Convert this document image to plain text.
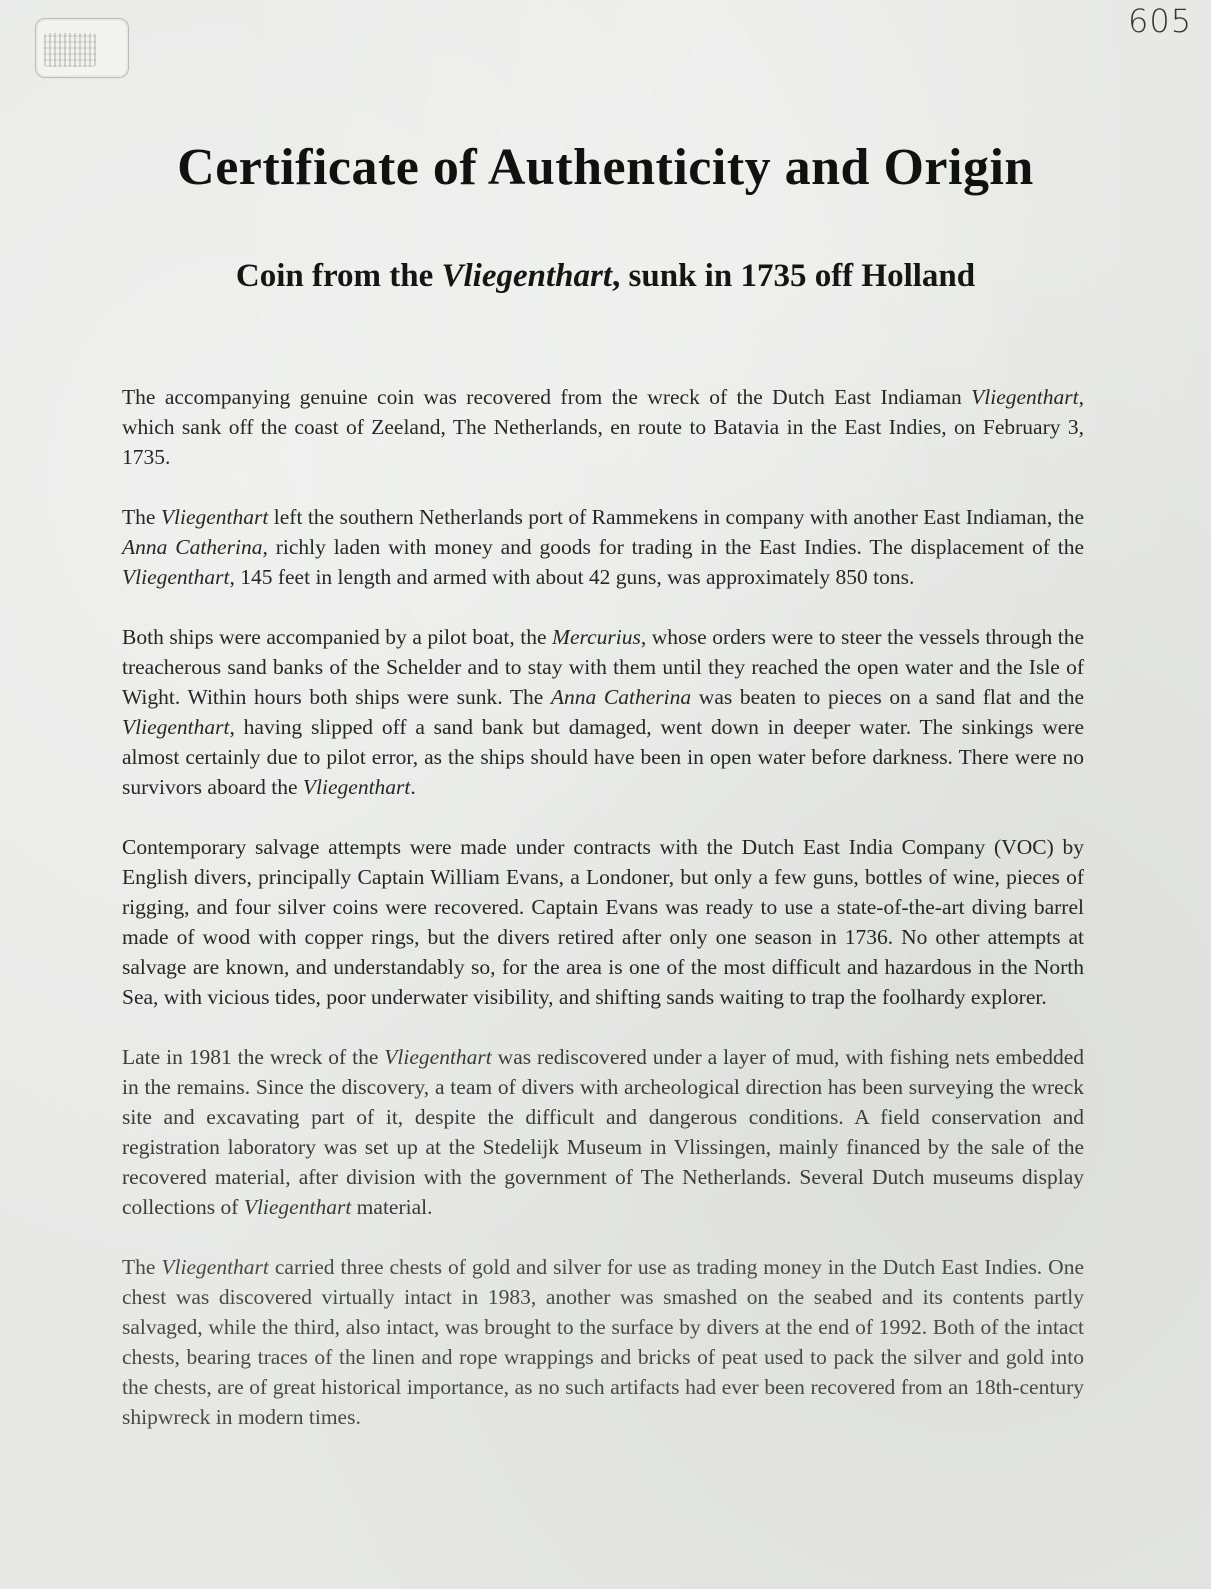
605
Certificate of Authenticity and Origin
Coin from the Vliegenthart, sunk in 1735 off Holland

The accompanying genuine coin was recovered from the wreck of the Dutch East Indiaman Vliegenthart, which sank off the coast of Zeeland, The Netherlands, en route to Batavia in the East Indies, on February 3, 1735.

The Vliegenthart left the southern Netherlands port of Rammekens in company with another East Indiaman, the Anna Catherina, richly laden with money and goods for trading in the East Indies. The displacement of the Vliegenthart, 145 feet in length and armed with about 42 guns, was approximately 850 tons.

Both ships were accompanied by a pilot boat, the Mercurius, whose orders were to steer the vessels through the treacherous sand banks of the Schelder and to stay with them until they reached the open water and the Isle of Wight. Within hours both ships were sunk. The Anna Catherina was beaten to pieces on a sand flat and the Vliegenthart, having slipped off a sand bank but damaged, went down in deeper water. The sinkings were almost certainly due to pilot error, as the ships should have been in open water before darkness. There were no survivors aboard the Vliegenthart.

Contemporary salvage attempts were made under contracts with the Dutch East India Company (VOC) by English divers, principally Captain William Evans, a Londoner, but only a few guns, bottles of wine, pieces of rigging, and four silver coins were recovered. Captain Evans was ready to use a state-of-the-art diving barrel made of wood with copper rings, but the divers retired after only one season in 1736. No other attempts at salvage are known, and understandably so, for the area is one of the most difficult and hazardous in the North Sea, with vicious tides, poor underwater visibility, and shifting sands waiting to trap the foolhardy explorer.

Late in 1981 the wreck of the Vliegenthart was rediscovered under a layer of mud, with fishing nets embedded in the remains. Since the discovery, a team of divers with archeological direction has been surveying the wreck site and excavating part of it, despite the difficult and dangerous conditions. A field conservation and registration laboratory was set up at the Stedelijk Museum in Vlissingen, mainly financed by the sale of the recovered material, after division with the government of The Netherlands. Several Dutch museums display collections of Vliegenthart material.

The Vliegenthart carried three chests of gold and silver for use as trading money in the Dutch East Indies. One chest was discovered virtually intact in 1983, another was smashed on the seabed and its contents partly salvaged, while the third, also intact, was brought to the surface by divers at the end of 1992. Both of the intact chests, bearing traces of the linen and rope wrappings and bricks of peat used to pack the silver and gold into the chests, are of great historical importance, as no such artifacts had ever been recovered from an 18th-century shipwreck in modern times.
